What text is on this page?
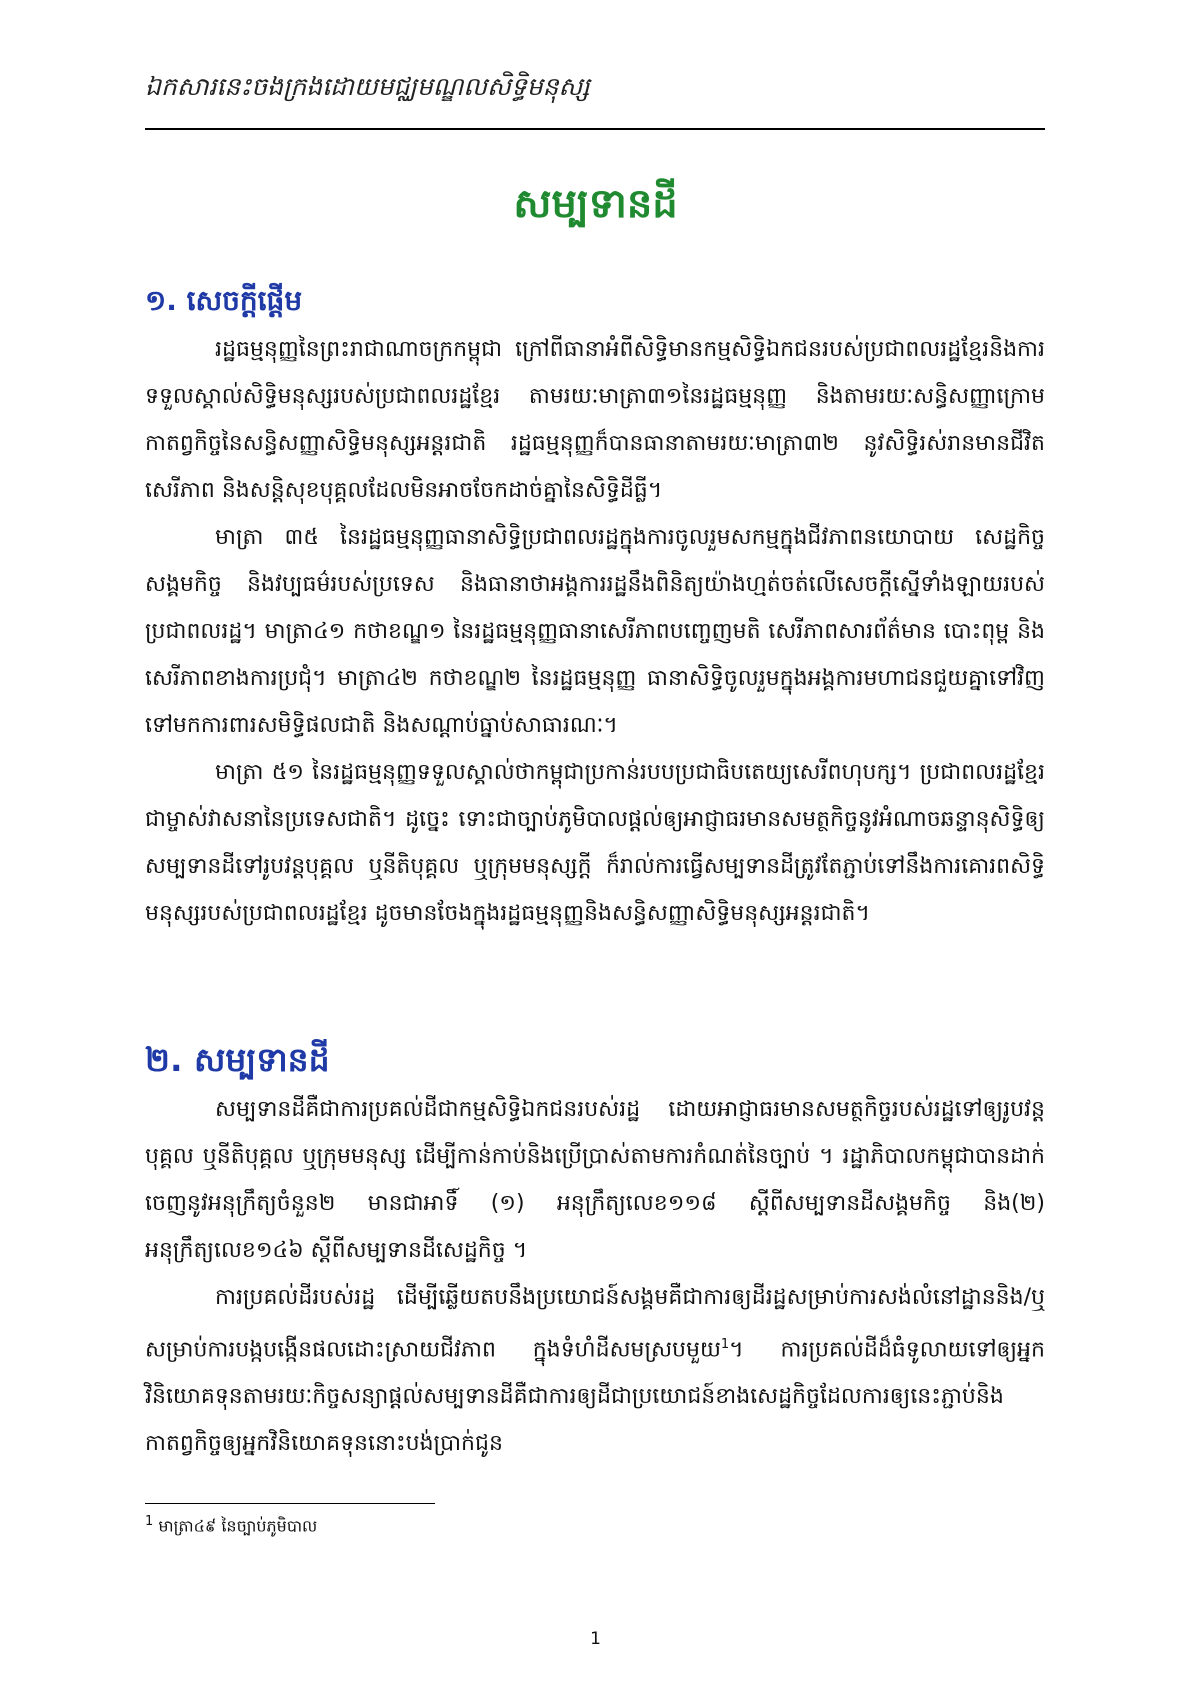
ឯកសារនេះចងក្រងដោយមជ្ឈមណ្ឌលសិទ្ធិមនុស្ស
សម្បទានដី
១. សេចក្តីផ្តើម

រដ្ឋធម្មនុញ្ញនៃព្រះរាជាណាចក្រកម្ពុជា ក្រៅពីធានាអំពីសិទ្ធិមានកម្មសិទ្ធិឯកជនរបស់ប្រជាពលរដ្ឋខ្មែរនិងការទទួលស្គាល់សិទ្ធិមនុស្សរបស់ប្រជាពលរដ្ឋខ្មែរ តាមរយៈមាត្រា៣១នៃរដ្ឋធម្មនុញ្ញ និងតាមរយៈសន្ធិសញ្ញាក្រោមកាតព្វកិច្ចនៃសន្ធិសញ្ញាសិទ្ធិមនុស្សអន្តរជាតិ រដ្ឋធម្មនុញ្ញក៏បានធានាតាមរយៈមាត្រា៣២ នូវសិទ្ធិរស់រានមានជីវិត សេរីភាព និងសន្តិសុខបុគ្គលដែលមិនអាចចែកដាច់គ្នានៃសិទ្ធិដីធ្លី។

មាត្រា ៣៥ នៃរដ្ឋធម្មនុញ្ញធានាសិទ្ធិប្រជាពលរដ្ឋក្នុងការចូលរួមសកម្មក្នុងជីវភាពនយោបាយ សេដ្ឋកិច្ច សង្គមកិច្ច និងវប្បធម៌របស់ប្រទេស និងធានាថាអង្គការរដ្ឋនឹងពិនិត្យយ៉ាងហ្មត់ចត់លើសេចក្តីស្នើទាំងឡាយរបស់ប្រជាពលរដ្ឋ។ មាត្រា៤១ កថាខណ្ឌ១ នៃរដ្ឋធម្មនុញ្ញធានាសេរីភាពបញ្ចេញមតិ សេរីភាពសារព័ត៌មាន បោះពុម្ព និងសេរីភាពខាងការប្រជុំ។ មាត្រា៤២ កថាខណ្ឌ២ នៃរដ្ឋធម្មនុញ្ញ ធានាសិទ្ធិចូលរួមក្នុងអង្គការមហាជនជួយគ្នាទៅវិញទៅមកការពារសមិទ្ធិផលជាតិ និងសណ្តាប់ធ្នាប់សាធារណៈ។

មាត្រា ៥១ នៃរដ្ឋធម្មនុញ្ញទទួលស្គាល់ថាកម្ពុជាប្រកាន់របបប្រជាធិបតេយ្យសេរីពហុបក្ស។ ប្រជាពលរដ្ឋខ្មែរជាម្ចាស់វាសនានៃប្រទេសជាតិ។ ដូច្នេះ ទោះជាច្បាប់ភូមិបាលផ្តល់ឲ្យអាជ្ញាធរមានសមត្ថកិច្ចនូវអំណាចឆន្ទានុសិទ្ធិឲ្យសម្បទានដីទៅរូបវន្តបុគ្គល ឬនីតិបុគ្គល ឬក្រុមមនុស្សក្តី ក៏រាល់ការធ្វើសម្បទានដីត្រូវតែភ្ជាប់ទៅនឹងការគោរពសិទ្ធិមនុស្សរបស់ប្រជាពលរដ្ឋខ្មែរ ដូចមានចែងក្នុងរដ្ឋធម្មនុញ្ញនិងសន្ធិសញ្ញាសិទ្ធិមនុស្សអន្តរជាតិ។

២. សម្បទានដី

សម្បទានដីគឺជាការប្រគល់ដីជាកម្មសិទ្ធិឯកជនរបស់រដ្ឋ ដោយអាជ្ញាធរមានសមត្ថកិច្ចរបស់រដ្ឋទៅឲ្យរូបវន្តបុគ្គល ឬនីតិបុគ្គល ឬក្រុមមនុស្ស ដើម្បីកាន់កាប់និងប្រើប្រាស់តាមការកំណត់នៃច្បាប់ ។ រដ្ឋាភិបាលកម្ពុជាបានដាក់ចេញនូវអនុក្រឹត្យចំនួន២ មានជាអាទិ៍ (១) អនុក្រឹត្យលេខ១១៨ ស្តីពីសម្បទានដីសង្គមកិច្ច និង(២) អនុក្រឹត្យលេខ១៤៦ ស្តីពីសម្បទានដីសេដ្ឋកិច្ច ។

ការប្រគល់ដីរបស់រដ្ឋ ដើម្បីឆ្លើយតបនឹងប្រយោជន៍សង្គមគឺជាការឲ្យដីរដ្ឋសម្រាប់ការសង់លំនៅដ្ឋាននិង/ឬសម្រាប់ការបង្កបង្កើនផលដោះស្រាយជីវភាព ក្នុងទំហំដីសមស្របមួយ$^1$។ ការប្រគល់ដីដ៏ធំទូលាយទៅឲ្យអ្នកវិនិយោគទុនតាមរយៈកិច្ចសន្យាផ្តល់សម្បទានដីគឺជាការឲ្យដីជាប្រយោជន៍ខាងសេដ្ឋកិច្ចដែលការឲ្យនេះភ្ជាប់និងកាតព្វកិច្ចឲ្យអ្នកវិនិយោគទុននោះបង់ប្រាក់ជូន

$^1$ មាត្រា៤៩ នៃច្បាប់ភូមិបាល
1
